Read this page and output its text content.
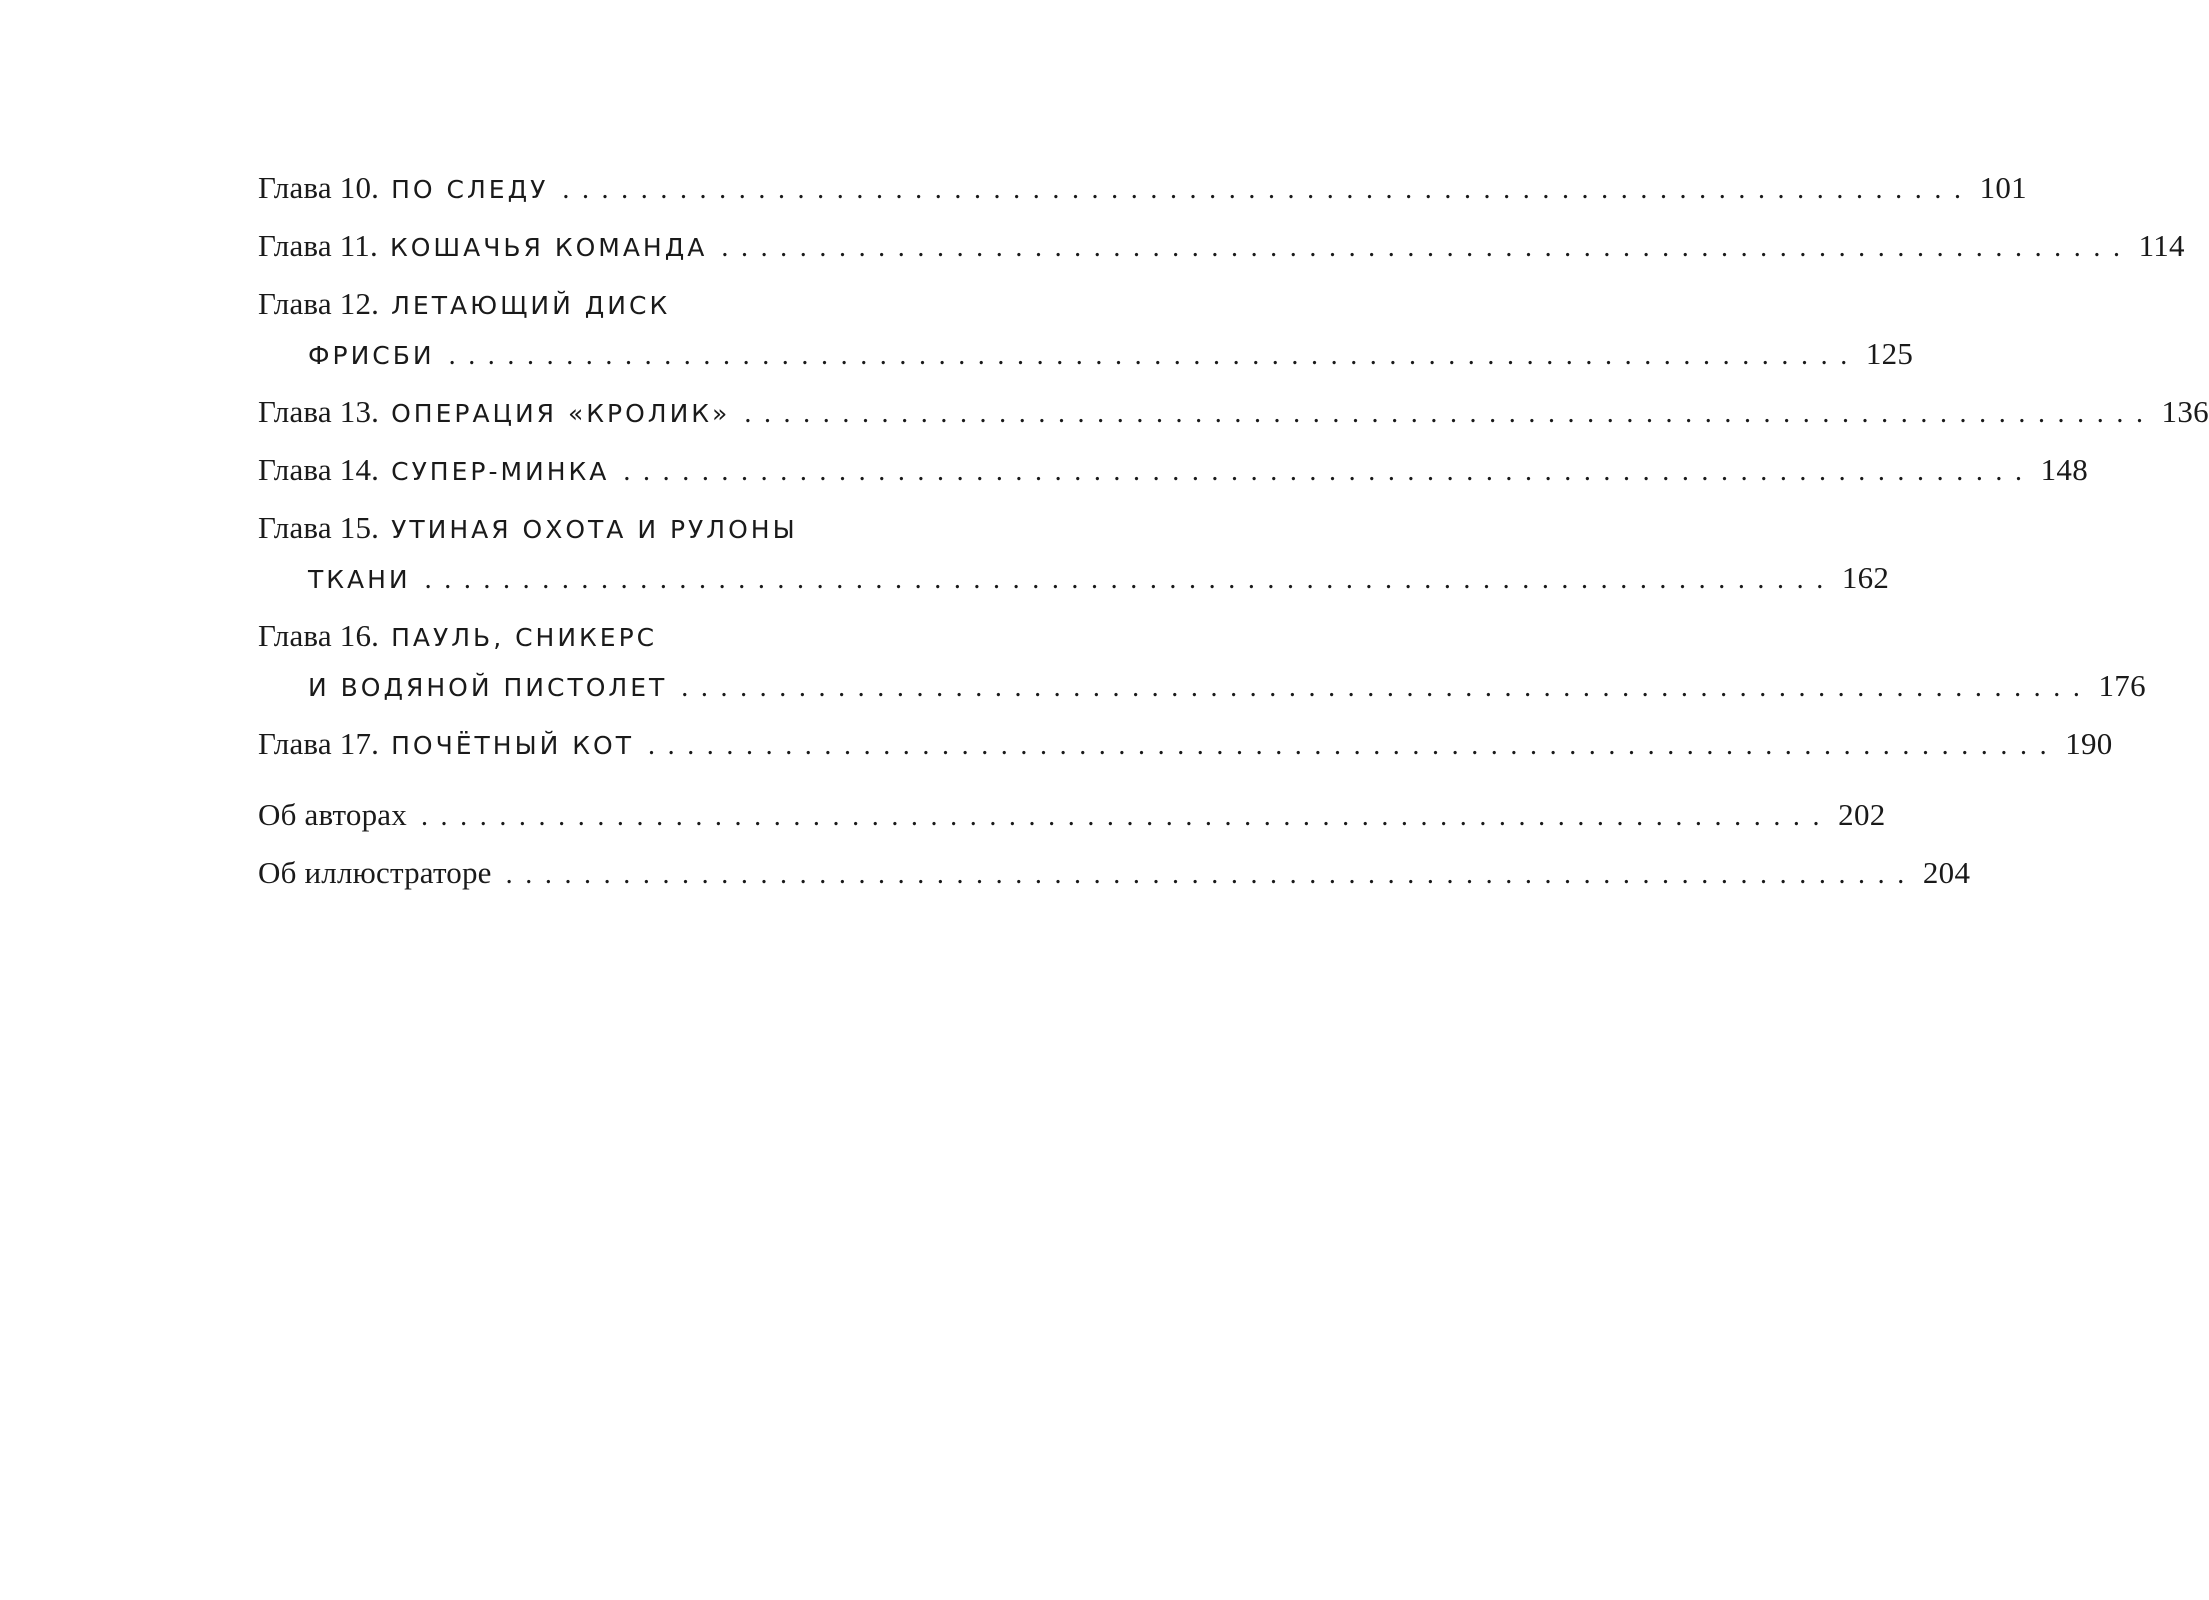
Глава 10. ПО СЛЕДУ ........................................................................ 101
Глава 11. КОШАЧЬЯ КОМАНДА ........................................................................ 114
Глава 12. ЛЕТАЮЩИЙ ДИСК
ФРИСБИ ........................................................................ 125
Глава 13. ОПЕРАЦИЯ «КРОЛИК» ........................................................................ 136
Глава 14. СУПЕР-МИНКА ........................................................................ 148
Глава 15. УТИНАЯ ОХОТА И РУЛОНЫ
ТКАНИ ........................................................................ 162
Глава 16. ПАУЛЬ, СНИКЕРС
И ВОДЯНОЙ ПИСТОЛЕТ ........................................................................ 176
Глава 17. ПОЧЁТНЫЙ КОТ ........................................................................ 190
Об авторах ........................................................................ 202
Об иллюстраторе ........................................................................ 204
